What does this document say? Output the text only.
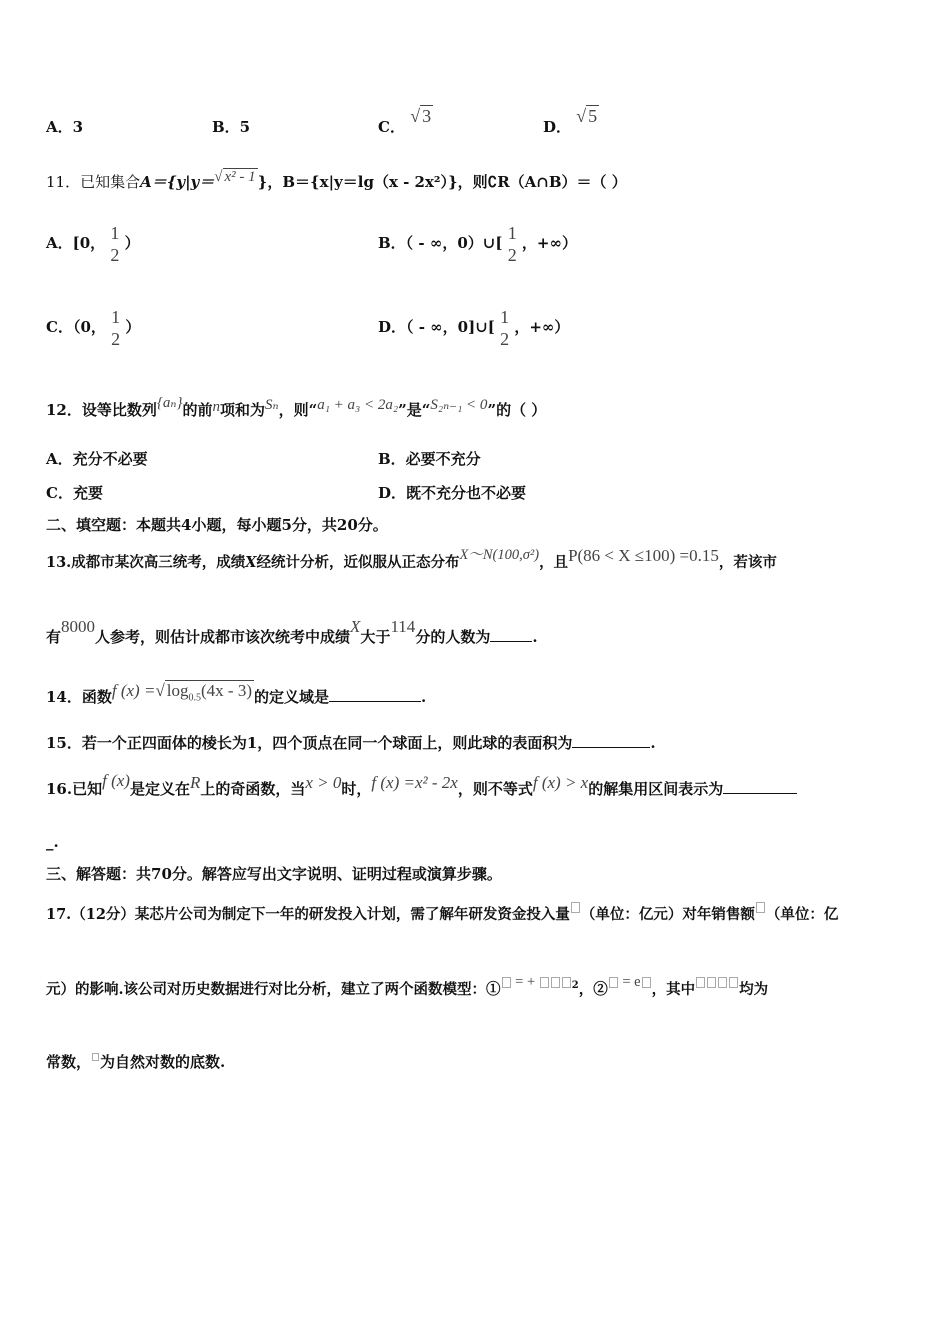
A．3	B．5	C． √ 3
D． √ 5
11．已知集合A＝{y|y＝√ x² - 1 }，B＝{x|y＝lg（x - 2x²）}，则∁R（A∩B）＝（ ）
A．[0， 1
2
）	B．（ - ∞，0）∪[ 1
2
，+∞）
C．（0， 1
2
）	D．（ - ∞，0]∪[ 1
2
，+∞）
12．设等比数列{aₙ}的前n项和为Sₙ，则“a₁ + a₃ < 2a₂”是“S₂ₙ₋₁ < 0”的（ ）
A．充分不必要	B．必要不充分
C．充要	D．既不充分也不必要
二、填空题：本题共4小题，每小题5分，共20分。
13.成都市某次高三统考，成绩X经统计分析，近似服从正态分布X～N(100,σ²)，且P(86 < X ≤100) =0.15，若该市
有8000人参考，则估计成都市该次统考中成绩X大于114分的人数为	.
14．函数f (x) =√ $\log_{0.5}(4x - 3)$ 的定义域是	.
15．若一个正四面体的棱长为1，四个顶点在同一个球面上，则此球的表面积为	.
16.已知f (x)是定义在R上的奇函数，当x > 0时，f (x) =x² - 2x，则不等式f (x) > x的解集用区间表示为
_.
三、解答题：共70分。解答应写出文字说明、证明过程或演算步骤。
17.（12分）某芯片公司为制定下一年的研发投入计划，需了解年研发资金投入量 （单位：亿元）对年销售额 （单位：亿
元）的影响.该公司对历史数据进行对比分析，建立了两个函数模型：① = +	$^2$，② = e ，其中	均为
常数， 为自然对数的底数.
